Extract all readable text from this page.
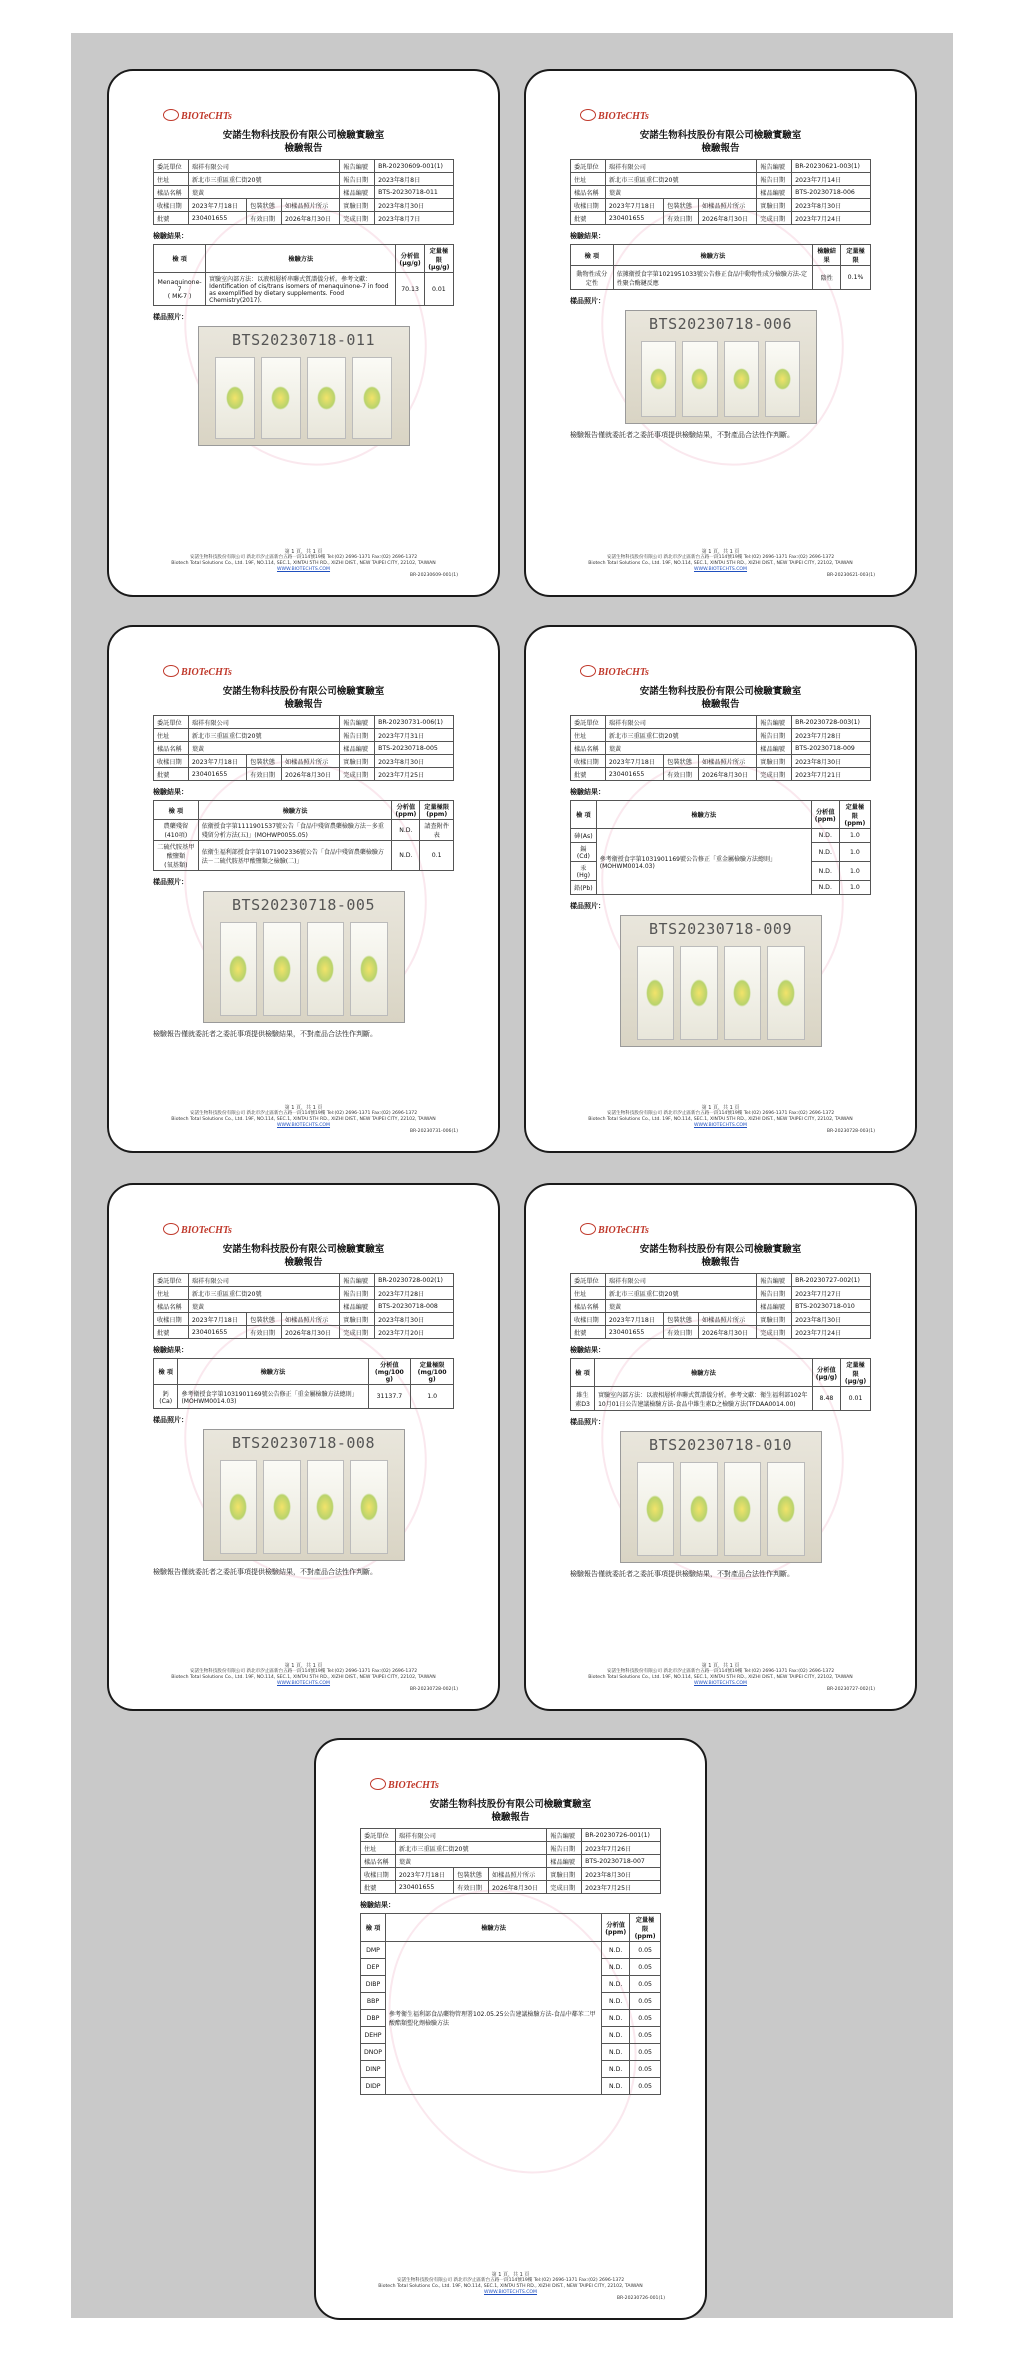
BIOTeCHTs
安諾生物科技股份有限公司檢驗實驗室
檢驗報告
委託單位	瑞祥有限公司			報告編號	BR-20230609-001(1)
住址	新北市三重區重仁街20號			報告日期	2023年8月8日
樣品名稱	葉黃			樣品編號	BTS-20230718-011
收樣日期	2023年7月18日	包裝狀態	如樣品照片所示	實驗日期	2023年8月30日
批號	230401655	有效日期	2026年8月30日	完成日期	2023年8月7日
檢驗結果：
檢 項	檢驗方法	分析值
(μg/g)	定量極限
(μg/g)
Menaquinone-7
( MK-7 )	實驗室內部方法：以液相層析串聯式質譜儀分析。參考文獻：Identification of cis/trans isomers of menaquinone-7 in food as exemplified by dietary supplements. Food Chemistry(2017).	70.13	0.01
樣品照片：
BTS20230718-011
第 1 頁，共 1 頁
安諾生物科技股份有限公司 新北市汐止區新台五路一段114號19樓 Tel:(02) 2696-1371 Fax:(02) 2696-1372
Biotech Total Solutions Co., Ltd. 19F, NO.114, SEC.1, XINTAI 5TH RD., XIZHI DIST., NEW TAIPEI CITY, 22102, TAIWAN
WWW.BIOTECHTS.COM
BR-20230609-001(1)
BIOTeCHTs
安諾生物科技股份有限公司檢驗實驗室
檢驗報告
委託單位	瑞祥有限公司			報告編號	BR-20230621-003(1)
住址	新北市三重區重仁街20號			報告日期	2023年7月14日
樣品名稱	葉黃			樣品編號	BTS-20230718-006
收樣日期	2023年7月18日	包裝狀態	如樣品照片所示	實驗日期	2023年8月30日
批號	230401655	有效日期	2026年8月30日	完成日期	2023年7月24日
檢驗結果：
檢 項	檢驗方法	檢驗結果	定量極限
動物性成分定性	依據衛授食字第1021951033號公告修正食品中動物性成分檢驗方法-定性聚合酶鏈反應	陰性	0.1%
樣品照片：
BTS20230718-006
檢驗報告僅就委託者之委託事項提供檢驗結果，不對產品合法性作判斷。
第 1 頁，共 1 頁
安諾生物科技股份有限公司 新北市汐止區新台五路一段114號19樓 Tel:(02) 2696-1371 Fax:(02) 2696-1372
Biotech Total Solutions Co., Ltd. 19F, NO.114, SEC.1, XINTAI 5TH RD., XIZHI DIST., NEW TAIPEI CITY, 22102, TAIWAN
WWW.BIOTECHTS.COM
BR-20230621-003(1)
BIOTeCHTs
安諾生物科技股份有限公司檢驗實驗室
檢驗報告
委託單位	瑞祥有限公司			報告編號	BR-20230731-006(1)
住址	新北市三重區重仁街20號			報告日期	2023年7月31日
樣品名稱	葉黃			樣品編號	BTS-20230718-005
收樣日期	2023年7月18日	包裝狀態	如樣品照片所示	實驗日期	2023年8月30日
批號	230401655	有效日期	2026年8月30日	完成日期	2023年7月25日
檢驗結果：
檢 項	檢驗方法	分析值
(ppm)	定量極限
(ppm)
農藥殘留
(410項)	依衛授食字第1111901537號公告「食品中殘留農藥檢驗方法－多重殘留分析方法(五)」(MOHWP0055.05)	N.D.	請查附件表
二硫代胺基甲酸鹽類
(氧基類)	依衛生福利部授食字第1071902336號公告「食品中殘留農藥檢驗方法－二硫代胺基甲酸鹽類之檢驗(二)」	N.D.	0.1
樣品照片：
BTS20230718-005
檢驗報告僅就委託者之委託事項提供檢驗結果，不對產品合法性作判斷。
第 1 頁，共 1 頁
安諾生物科技股份有限公司 新北市汐止區新台五路一段114號19樓 Tel:(02) 2696-1371 Fax:(02) 2696-1372
Biotech Total Solutions Co., Ltd. 19F, NO.114, SEC.1, XINTAI 5TH RD., XIZHI DIST., NEW TAIPEI CITY, 22102, TAIWAN
WWW.BIOTECHTS.COM
BR-20230731-006(1)
BIOTeCHTs
安諾生物科技股份有限公司檢驗實驗室
檢驗報告
委託單位	瑞祥有限公司			報告編號	BR-20230728-003(1)
住址	新北市三重區重仁街20號			報告日期	2023年7月28日
樣品名稱	葉黃			樣品編號	BTS-20230718-009
收樣日期	2023年7月18日	包裝狀態	如樣品照片所示	實驗日期	2023年8月30日
批號	230401655	有效日期	2026年8月30日	完成日期	2023年7月21日
檢驗結果：
檢 項	檢驗方法	分析值
(ppm)	定量極限
(ppm)
砷(As)	參考衛授食字第1031901169號公告修正「重金屬檢驗方法總則」(MOHWM0014.03)	N.D.	1.0
鎘(Cd)		N.D.	1.0
汞(Hg)		N.D.	1.0
鉛(Pb)		N.D.	1.0
樣品照片：
BTS20230718-009
第 1 頁，共 1 頁
安諾生物科技股份有限公司 新北市汐止區新台五路一段114號19樓 Tel:(02) 2696-1371 Fax:(02) 2696-1372
Biotech Total Solutions Co., Ltd. 19F, NO.114, SEC.1, XINTAI 5TH RD., XIZHI DIST., NEW TAIPEI CITY, 22102, TAIWAN
WWW.BIOTECHTS.COM
BR-20230728-003(1)
BIOTeCHTs
安諾生物科技股份有限公司檢驗實驗室
檢驗報告
委託單位	瑞祥有限公司			報告編號	BR-20230728-002(1)
住址	新北市三重區重仁街20號			報告日期	2023年7月28日
樣品名稱	葉黃			樣品編號	BTS-20230718-008
收樣日期	2023年7月18日	包裝狀態	如樣品照片所示	實驗日期	2023年8月30日
批號	230401655	有效日期	2026年8月30日	完成日期	2023年7月20日
檢驗結果：
檢 項	檢驗方法	分析值
(mg/100 g)	定量極限
(mg/100 g)
鈣(Ca)	參考衛授食字第1031901169號公告修正「重金屬檢驗方法總則」(MOHWM0014.03)	31137.7	1.0
樣品照片：
BTS20230718-008
檢驗報告僅就委託者之委託事項提供檢驗結果，不對產品合法性作判斷。
第 1 頁，共 1 頁
安諾生物科技股份有限公司 新北市汐止區新台五路一段114號19樓 Tel:(02) 2696-1371 Fax:(02) 2696-1372
Biotech Total Solutions Co., Ltd. 19F, NO.114, SEC.1, XINTAI 5TH RD., XIZHI DIST., NEW TAIPEI CITY, 22102, TAIWAN
WWW.BIOTECHTS.COM
BR-20230728-002(1)
BIOTeCHTs
安諾生物科技股份有限公司檢驗實驗室
檢驗報告
委託單位	瑞祥有限公司			報告編號	BR-20230727-002(1)
住址	新北市三重區重仁街20號			報告日期	2023年7月27日
樣品名稱	葉黃			樣品編號	BTS-20230718-010
收樣日期	2023年7月18日	包裝狀態	如樣品照片所示	實驗日期	2023年8月30日
批號	230401655	有效日期	2026年8月30日	完成日期	2023年7月24日
檢驗結果：
檢 項	檢驗方法	分析值
(μg/g)	定量極限
(μg/g)
維生素D3	實驗室內部方法：以液相層析串聯式質譜儀分析。參考文獻：衛生福利部102年10月01日公告建議檢驗方法-食品中維生素D之檢驗方法(TFDAA0014.00)	8.48	0.01
樣品照片：
BTS20230718-010
檢驗報告僅就委託者之委託事項提供檢驗結果，不對產品合法性作判斷。
第 1 頁，共 1 頁
安諾生物科技股份有限公司 新北市汐止區新台五路一段114號19樓 Tel:(02) 2696-1371 Fax:(02) 2696-1372
Biotech Total Solutions Co., Ltd. 19F, NO.114, SEC.1, XINTAI 5TH RD., XIZHI DIST., NEW TAIPEI CITY, 22102, TAIWAN
WWW.BIOTECHTS.COM
BR-20230727-002(1)
BIOTeCHTs
安諾生物科技股份有限公司檢驗實驗室
檢驗報告
委託單位	瑞祥有限公司			報告編號	BR-20230726-001(1)
住址	新北市三重區重仁街20號			報告日期	2023年7月26日
樣品名稱	葉黃			樣品編號	BTS-20230718-007
收樣日期	2023年7月18日	包裝狀態	如樣品照片所示	實驗日期	2023年8月30日
批號	230401655	有效日期	2026年8月30日	完成日期	2023年7月25日
檢驗結果：
檢 項	檢驗方法	分析值
(ppm)	定量極限
(ppm)
DMP	參考衛生福利部食品藥物管理署102.05.25公告建議檢驗方法-食品中鄰苯二甲酸酯類塑化劑檢驗方法	N.D.	0.05
DEP		N.D.	0.05
DIBP		N.D.	0.05
BBP		N.D.	0.05
DBP		N.D.	0.05
DEHP		N.D.	0.05
DNOP		N.D.	0.05
DINP		N.D.	0.05
DIDP		N.D.	0.05
第 1 頁，共 1 頁
安諾生物科技股份有限公司 新北市汐止區新台五路一段114號19樓 Tel:(02) 2696-1371 Fax:(02) 2696-1372
Biotech Total Solutions Co., Ltd. 19F, NO.114, SEC.1, XINTAI 5TH RD., XIZHI DIST., NEW TAIPEI CITY, 22102, TAIWAN
WWW.BIOTECHTS.COM
BR-20230726-001(1)
